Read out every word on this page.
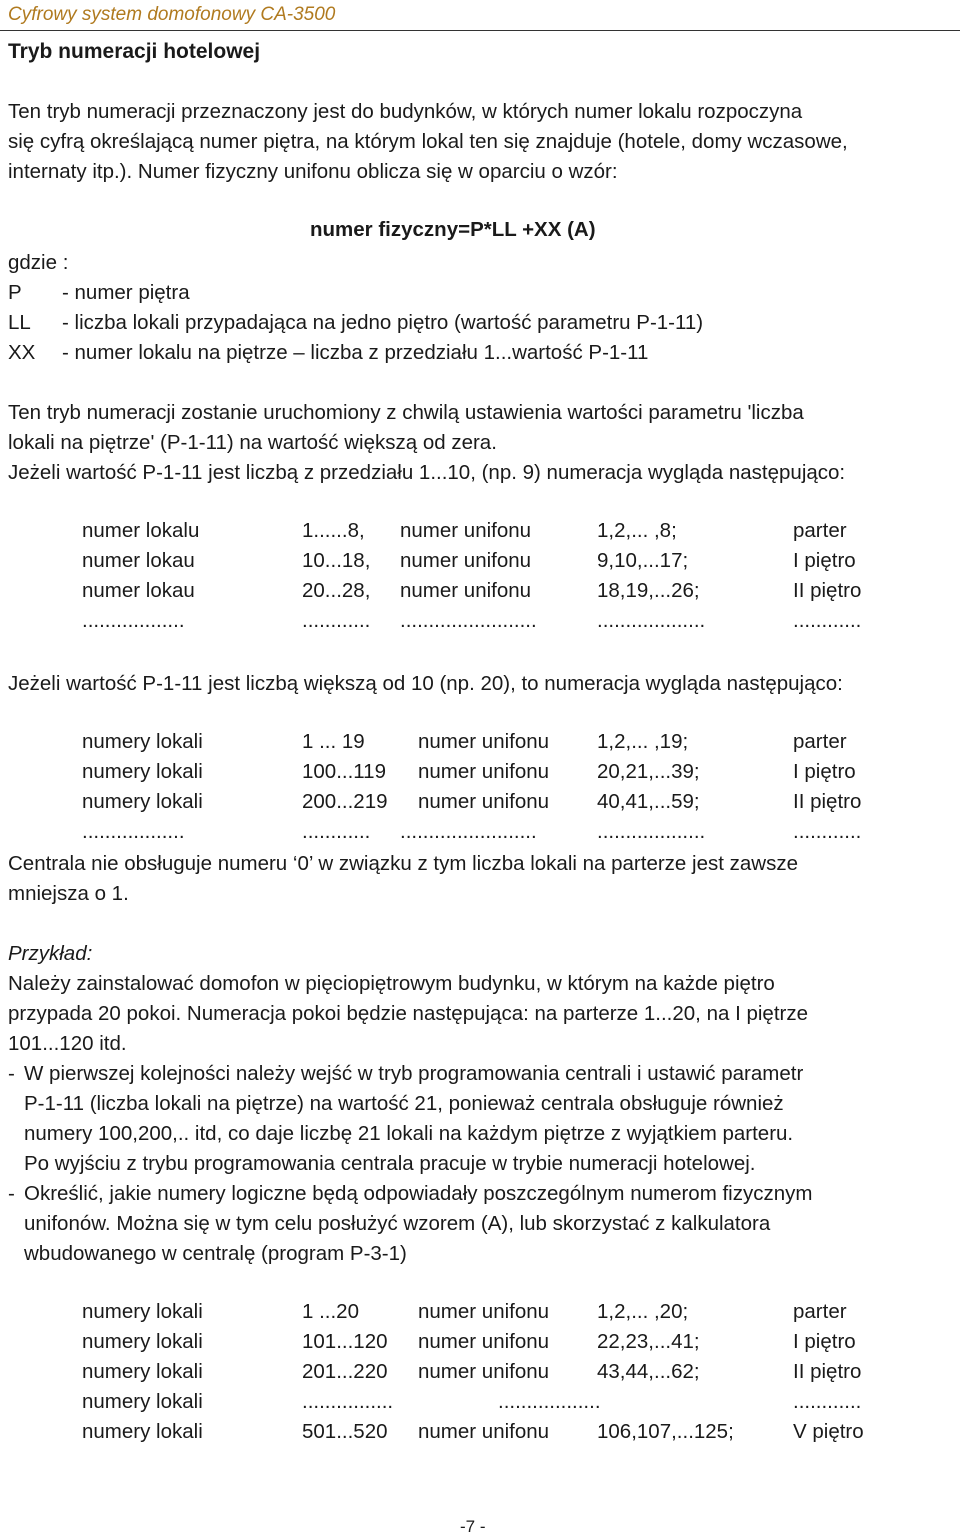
Cyfrowy system domofonowy CA-3500
Tryb numeracji hotelowej
Ten tryb numeracji przeznaczony jest do budynków, w których numer lokalu rozpoczyna
się cyfrą określającą numer piętra, na którym lokal ten się znajduje (hotele, domy wczasowe,
internaty itp.). Numer fizyczny unifonu oblicza się w oparciu o wzór:
numer fizyczny=P*LL +XX (A)
gdzie :
P - numer piętra
LL - liczba lokali przypadająca na jedno piętro (wartość parametru P-1-11)
XX - numer lokalu na piętrze – liczba z przedziału 1...wartość P-1-11
Ten tryb numeracji zostanie uruchomiony z chwilą ustawienia wartości parametru 'liczba
lokali na piętrze' (P-1-11) na wartość większą od zera.
Jeżeli wartość P-1-11 jest liczbą z przedziału 1...10, (np. 9) numeracja wygląda następująco:
numer lokalu	1......8, numer unifonu	1,2,... ,8;	parter
numer lokau	10...18, numer unifonu	9,10,...17;	I piętro
numer lokau	20...28, numer unifonu	18,19,...26;	II piętro
..................	............ ........................	...................	............
Jeżeli wartość P-1-11 jest liczbą większą od 10 (np. 20), to numeracja wygląda następująco:
numery lokali	1 ... 19	numer unifonu 1,2,... ,19;	parter
numery lokali	100...119 numer unifonu 20,21,...39;	I piętro
numery lokali	200...219 numer unifonu 40,41,...59;	II piętro
..................	............ ........................	...................	............
Centrala nie obsługuje numeru ‘0’ w związku z tym liczba lokali na parterze jest zawsze
mniejsza o 1.
Przykład:
Należy zainstalować domofon w pięciopiętrowym budynku, w którym na każde piętro
przypada 20 pokoi. Numeracja pokoi będzie następująca: na parterze 1...20, na I piętrze
101...120 itd.
- W pierwszej kolejności należy wejść w tryb programowania centrali i ustawić parametr
P-1-11 (liczba lokali na piętrze) na wartość 21, ponieważ centrala obsługuje również
numery 100,200,.. itd, co daje liczbę 21 lokali na każdym piętrze z wyjątkiem parteru.
Po wyjściu z trybu programowania centrala pracuje w trybie numeracji hotelowej.
- Określić, jakie numery logiczne będą odpowiadały poszczególnym numerom fizycznym
unifonów. Można się w tym celu posłużyć wzorem (A), lub skorzystać z kalkulatora
wbudowanego w centralę (program P-3-1)
numery lokali	1 ...20	numer unifonu 1,2,... ,20;	parter
numery lokali	101...120 numer unifonu 22,23,...41;	I piętro
numery lokali	201...220 numer unifonu 43,44,...62;	II piętro
numery lokali	................	..................	............
numery lokali	501...520 numer unifonu 106,107,...125;	V piętro
-7 -
